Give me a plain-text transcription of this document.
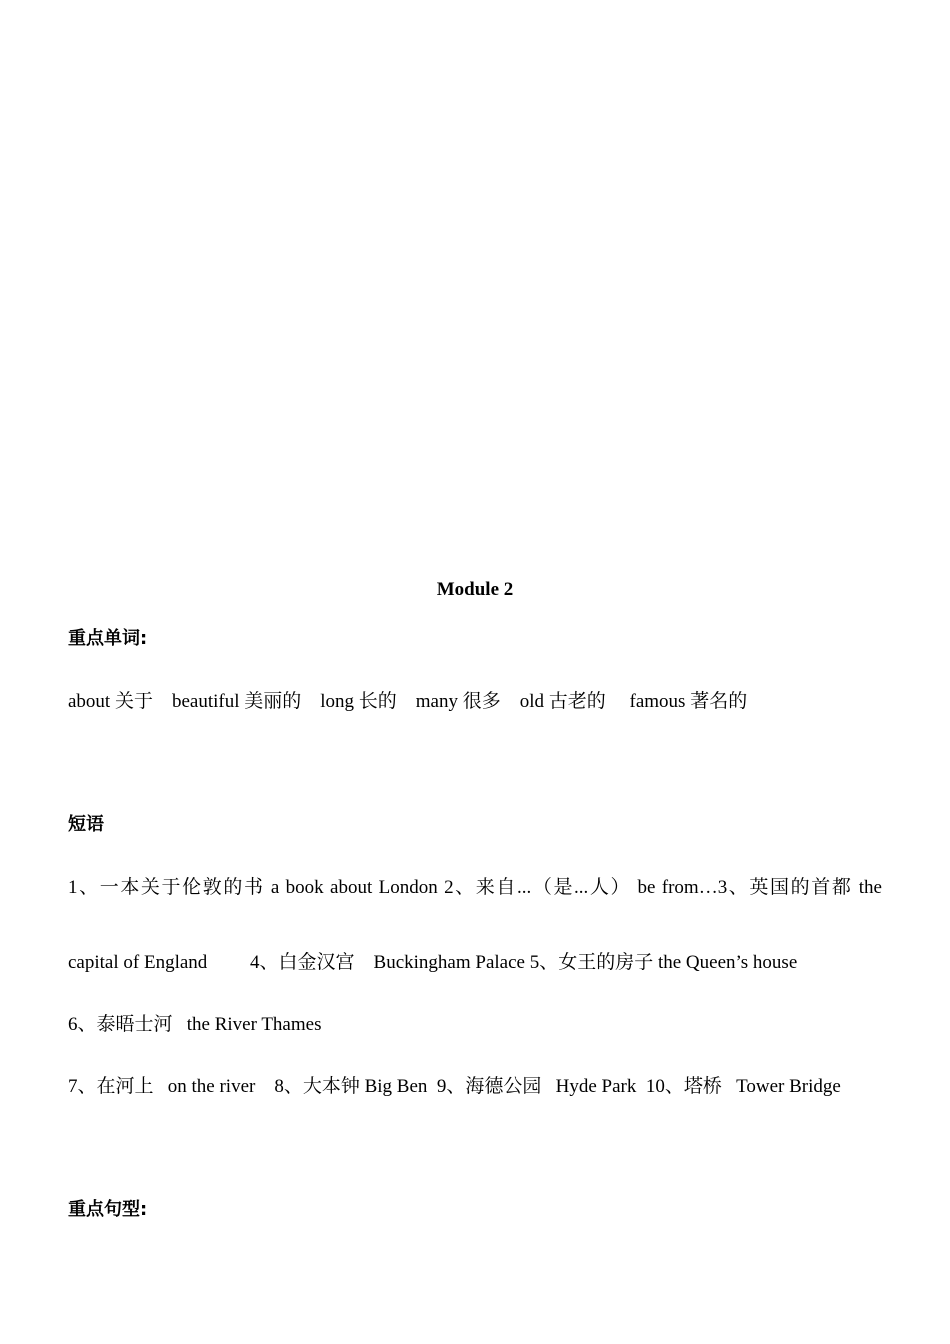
Module 2
重点单词:
about 关于    beautiful 美丽的    long 长的    many 很多    old 古老的     famous 著名的
短语
1、一本关于伦敦的书 a book about London 2、来自...（是...人） be from…3、英国的首都 the
capital of England         4、白金汉宫    Buckingham Palace 5、女王的房子 the Queen’s house
6、泰晤士河   the River Thames
7、在河上   on the river    8、大本钟 Big Ben  9、海德公园   Hyde Park  10、塔桥   Tower Bridge
重点句型:
